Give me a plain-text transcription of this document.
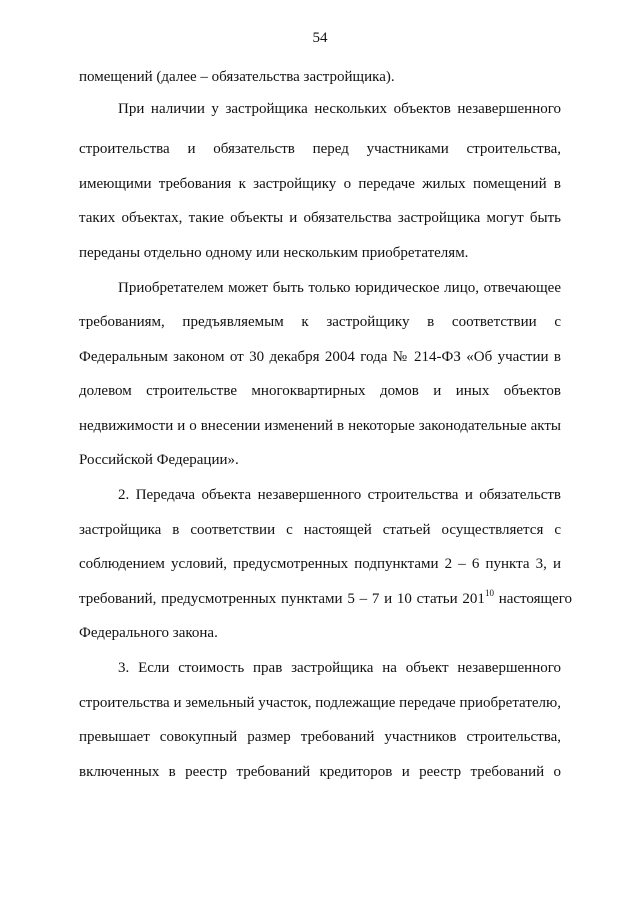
54
помещений (далее – обязательства застройщика).
При наличии у застройщика нескольких объектов незавершенного
строительства и обязательств перед участниками строительства,
имеющими требования к застройщику о передаче жилых помещений в
таких объектах, такие объекты и обязательства застройщика могут быть
переданы отдельно одному или нескольким приобретателям.
Приобретателем может быть только юридическое лицо, отвечающее
требованиям, предъявляемым к застройщику в соответствии с
Федеральным законом от 30 декабря 2004 года № 214-ФЗ «Об участии в
долевом строительстве многоквартирных домов и иных объектов
недвижимости и о внесении изменений в некоторые законодательные акты
Российской Федерации».
2. Передача объекта незавершенного строительства и обязательств
застройщика в соответствии с настоящей статьей осуществляется с
соблюдением условий, предусмотренных подпунктами 2 – 6 пункта 3, и
требований, предусмотренных пунктами 5 – 7 и 10 статьи $201^{10}$ настоящего
Федерального закона.
3. Если стоимость прав застройщика на объект незавершенного
строительства и земельный участок, подлежащие передаче приобретателю,
превышает совокупный размер требований участников строительства,
включенных в реестр требований кредиторов и реестр требований о
